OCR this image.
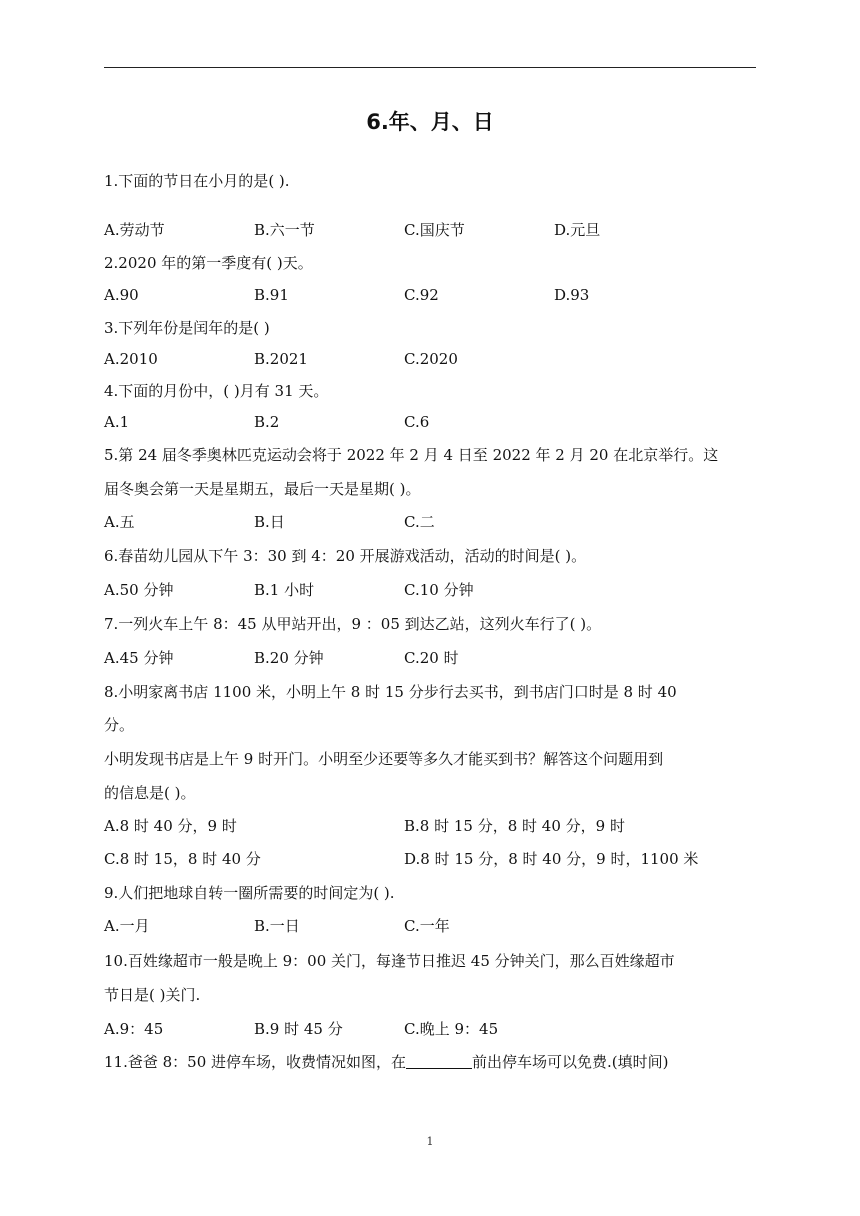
6.年、月、日
1.下面的节日在小月的是( ).
A.劳动节	B.六一节	C.国庆节	D.元旦
2.2020 年的第一季度有( )天。
A.90	B.91	C.92	D.93
3.下列年份是闰年的是( )
A.2010	B.2021	C.2020
4.下面的月份中，( )月有 31 天。
A.1	B.2	C.6
5.第 24 届冬季奥林匹克运动会将于 2022 年 2 月 4 日至 2022 年 2 月 20 在北京举行。这
届冬奥会第一天是星期五，最后一天是星期( )。
A.五	B.日	C.二
6.春苗幼儿园从下午 3：30 到 4：20 开展游戏活动，活动的时间是( )。
A.50 分钟	B.1 小时	C.10 分钟
7.一列火车上午 8：45 从甲站开出，9 ：05 到达乙站，这列火车行了( )。
A.45 分钟	B.20 分钟	C.20 时
8.小明家离书店 1100 米，小明上午 8 时 15 分步行去买书，到书店门口时是 8 时 40
分。
小明发现书店是上午 9 时开门。小明至少还要等多久才能买到书？解答这个问题用到
的信息是( )。
A.8 时 40 分，9 时	B.8 时 15 分，8 时 40 分，9 时
C.8 时 15，8 时 40 分	D.8 时 15 分，8 时 40 分，9 时，1100 米
9.人们把地球自转一圈所需要的时间定为( ).
A.一月	B.一日	C.一年
10.百姓缘超市一般是晚上 9：00 关门，每逢节日推迟 45 分钟关门，那么百姓缘超市
节日是( )关门.
A.9：45	B.9 时 45 分	C.晚上 9：45
11.爸爸 8：50 进停车场，收费情况如图，在	前出停车场可以免费.(填时间)
1
